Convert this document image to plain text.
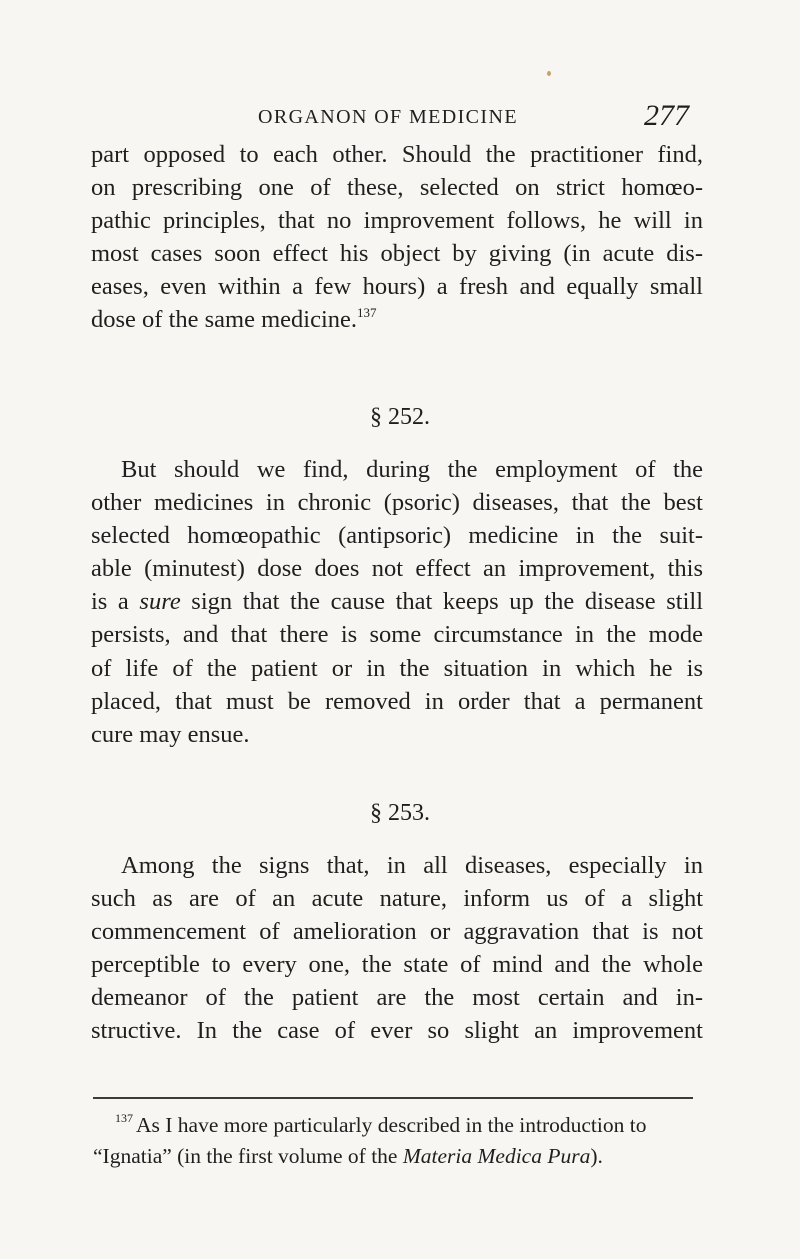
ORGANON OF MEDICINE	277
part opposed to each other. Should the practitioner find,
on prescribing one of these, selected on strict homœo-
pathic principles, that no improvement follows, he will in
most cases soon effect his object by giving (in acute dis-
eases, even within a few hours) a fresh and equally small
dose of the same medicine.$^{137}$
§ 252.
But should we find, during the employment of the
other medicines in chronic (psoric) diseases, that the best
selected homœopathic (antipsoric) medicine in the suit-
able (minutest) dose does not effect an improvement, this
is a sure sign that the cause that keeps up the disease still
persists, and that there is some circumstance in the mode
of life of the patient or in the situation in which he is
placed, that must be removed in order that a permanent
cure may ensue.
§ 253.
Among the signs that, in all diseases, especially in
such as are of an acute nature, inform us of a slight
commencement of amelioration or aggravation that is not
perceptible to every one, the state of mind and the whole
demeanor of the patient are the most certain and in-
structive. In the case of ever so slight an improvement
$^{137}$ As I have more particularly described in the introduction to
“Ignatia” (in the first volume of the Materia Medica Pura).
